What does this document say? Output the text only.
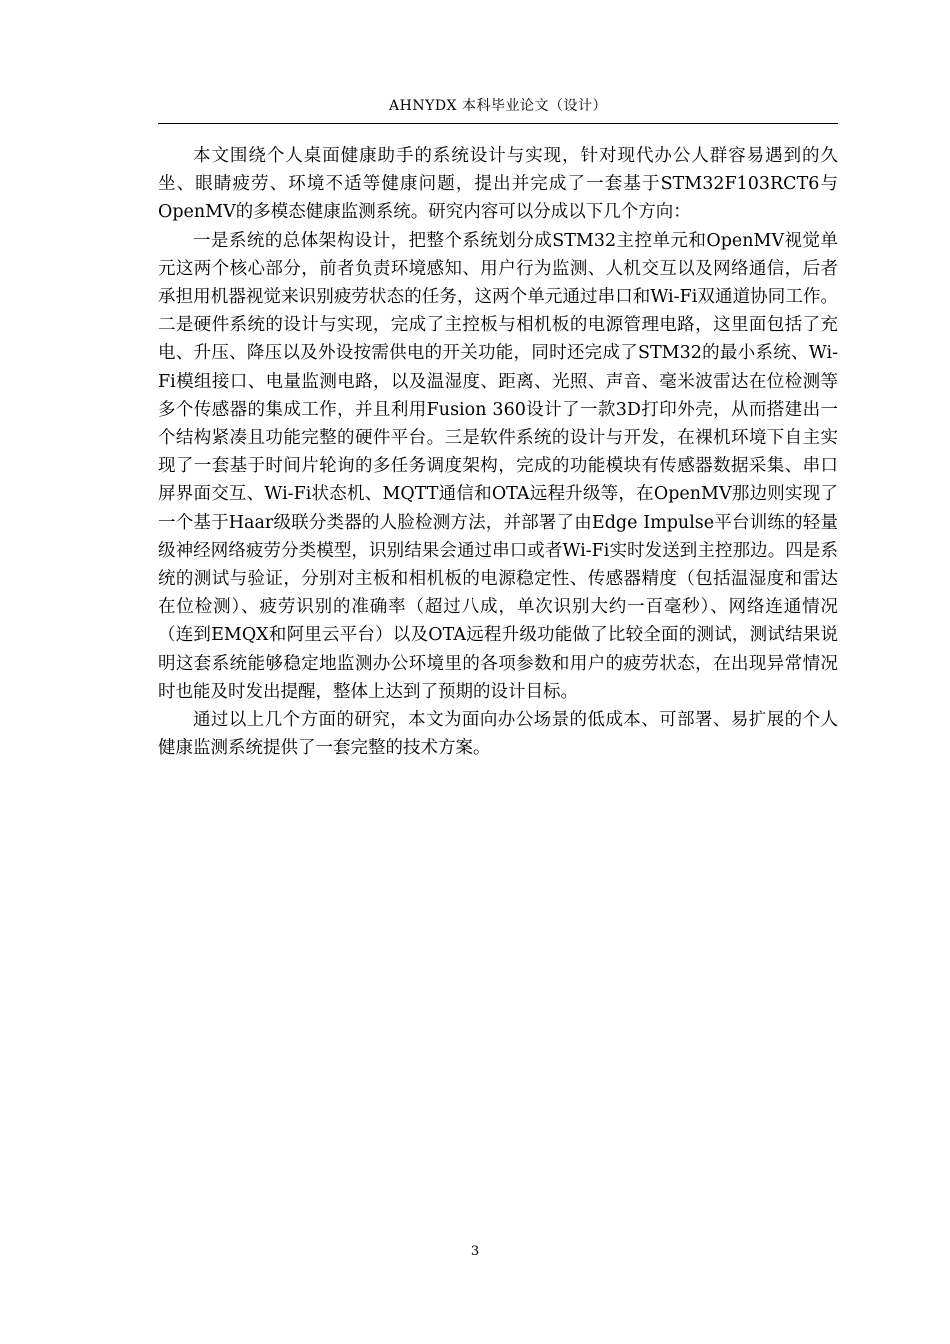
AHNYDX 本科毕业论文（设计）

本文围绕个人桌面健康助手的系统设计与实现，针对现代办公人群容易遇到的久坐、眼睛疲劳、环境不适等健康问题，提出并完成了一套基于STM32F103RCT6与OpenMV的多模态健康监测系统。研究内容可以分成以下几个方向：

一是系统的总体架构设计，把整个系统划分成STM32主控单元和OpenMV视觉单元这两个核心部分，前者负责环境感知、用户行为监测、人机交互以及网络通信，后者承担用机器视觉来识别疲劳状态的任务，这两个单元通过串口和Wi-Fi双通道协同工作。二是硬件系统的设计与实现，完成了主控板与相机板的电源管理电路，这里面包括了充电、升压、降压以及外设按需供电的开关功能，同时还完成了STM32的最小系统、Wi-Fi模组接口、电量监测电路，以及温湿度、距离、光照、声音、毫米波雷达在位检测等多个传感器的集成工作，并且利用Fusion 360设计了一款3D打印外壳，从而搭建出一个结构紧凑且功能完整的硬件平台。三是软件系统的设计与开发，在裸机环境下自主实现了一套基于时间片轮询的多任务调度架构，完成的功能模块有传感器数据采集、串口屏界面交互、Wi-Fi状态机、MQTT通信和OTA远程升级等，在OpenMV那边则实现了一个基于Haar级联分类器的人脸检测方法，并部署了由Edge Impulse平台训练的轻量级神经网络疲劳分类模型，识别结果会通过串口或者Wi-Fi实时发送到主控那边。四是系统的测试与验证，分别对主板和相机板的电源稳定性、传感器精度（包括温湿度和雷达在位检测）、疲劳识别的准确率（超过八成，单次识别大约一百毫秒）、网络连通情况（连到EMQX和阿里云平台）以及OTA远程升级功能做了比较全面的测试，测试结果说明这套系统能够稳定地监测办公环境里的各项参数和用户的疲劳状态，在出现异常情况时也能及时发出提醒，整体上达到了预期的设计目标。

通过以上几个方面的研究，本文为面向办公场景的低成本、可部署、易扩展的个人健康监测系统提供了一套完整的技术方案。

3
